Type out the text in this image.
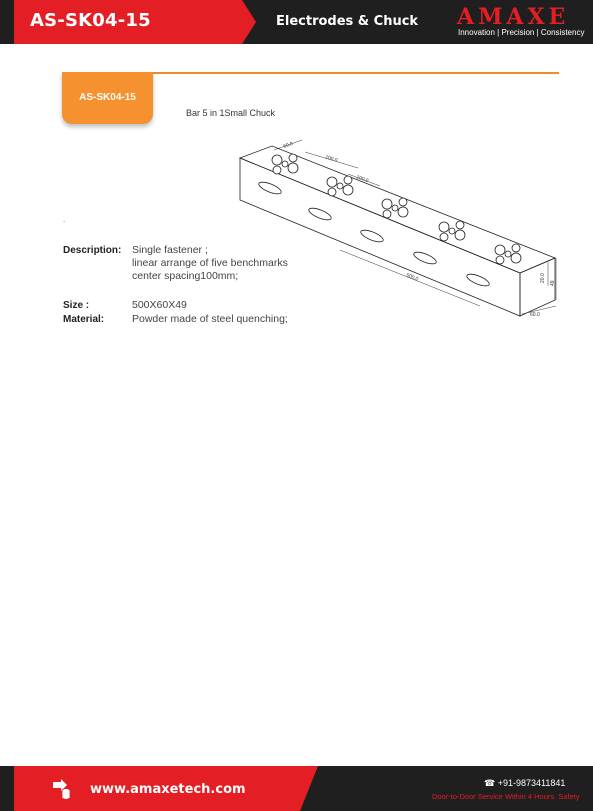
AS-SK04-15	Electrodes & Chuck AMAXE
Innovation | Precision | Consistency
AS-SK04-15
Bar 5 in 1Small Chuck
.
60.0
100.0
100.0
500.0	20.0
49
60.0
Description: Single fastener ;
linear arrange of five benchmarks
center spacing100mm;
Size :	500X60X49
Material:	Powder made of steel quenching;
www.amaxetech.com	☎ +91-9873411841
Door-to-Door Service Within 4 Hours. Safety
